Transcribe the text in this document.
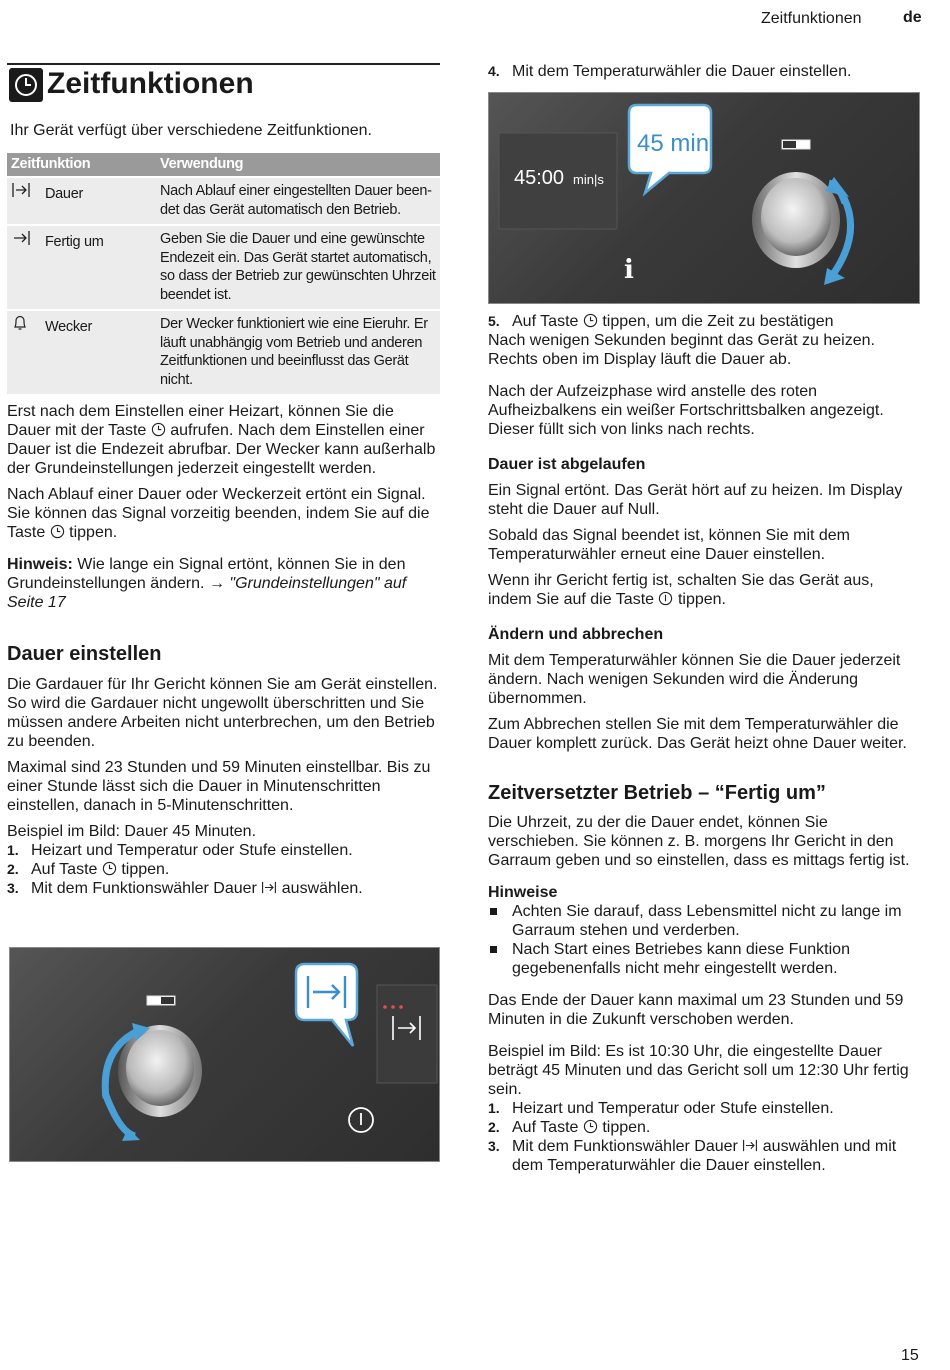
Zeitfunktionen	de
Zeitfunktionen

Ihr Gerät verfügt über verschiedene Zeitfunktionen.

Zeitfunktion	Verwendung
Dauer	Nach Ablauf einer eingestellten Dauer been-det das Gerät automatisch den Betrieb.
Fertig um	Geben Sie die Dauer und eine gewünschte Endezeit ein. Das Gerät startet automatisch, so dass der Betrieb zur gewünschten Uhrzeit beendet ist.
Wecker	Der Wecker funktioniert wie eine Eieruhr. Er läuft unabhängig vom Betrieb und anderen Zeitfunktionen und beeinflusst das Gerät nicht.

Erst nach dem Einstellen einer Heizart, können Sie die Dauer mit der Taste aufrufen. Nach dem Einstellen einer Dauer ist die Endezeit abrufbar. Der Wecker kann außerhalb der Grundeinstellungen jederzeit eingestellt werden.

Nach Ablauf einer Dauer oder Weckerzeit ertönt ein Signal. Sie können das Signal vorzeitig beenden, indem Sie auf die Taste tippen.

Hinweis: Wie lange ein Signal ertönt, können Sie in den Grundeinstellungen ändern. → "Grundeinstellungen" auf Seite 17

Dauer einstellen

Die Gardauer für Ihr Gericht können Sie am Gerät einstellen. So wird die Gardauer nicht ungewollt überschritten und Sie müssen andere Arbeiten nicht unterbrechen, um den Betrieb zu beenden.

Maximal sind 23 Stunden und 59 Minuten einstellbar. Bis zu einer Stunde lässt sich die Dauer in Minutenschritten einstellen, danach in 5-Minutenschritten.

Beispiel im Bild: Dauer 45 Minuten.

1. Heizart und Temperatur oder Stufe einstellen.
2. Auf Taste tippen.
3. Mit dem Funktionswähler Dauer auswählen.
4. Mit dem Temperaturwähler die Dauer einstellen.
45:00 min|s
45 min
i
5. Auf Taste tippen, um die Zeit zu bestätigen

Nach wenigen Sekunden beginnt das Gerät zu heizen. Rechts oben im Display läuft die Dauer ab.

Nach der Aufzeizphase wird anstelle des roten Aufheizbalkens ein weißer Fortschrittsbalken angezeigt. Dieser füllt sich von links nach rechts.

Dauer ist abgelaufen

Ein Signal ertönt. Das Gerät hört auf zu heizen. Im Display steht die Dauer auf Null.

Sobald das Signal beendet ist, können Sie mit dem Temperaturwähler erneut eine Dauer einstellen.

Wenn ihr Gericht fertig ist, schalten Sie das Gerät aus, indem Sie auf die Taste tippen.

Ändern und abbrechen

Mit dem Temperaturwähler können Sie die Dauer jederzeit ändern. Nach wenigen Sekunden wird die Änderung übernommen.

Zum Abbrechen stellen Sie mit dem Temperaturwähler die Dauer komplett zurück. Das Gerät heizt ohne Dauer weiter.

Zeitversetzter Betrieb – “Fertig um”

Die Uhrzeit, zu der die Dauer endet, können Sie verschieben. Sie können z. B. morgens Ihr Gericht in den Garraum geben und so einstellen, dass es mittags fertig ist.

Hinweise

Achten Sie darauf, dass Lebensmittel nicht zu lange im Garraum stehen und verderben.
Nach Start eines Betriebes kann diese Funktion gegebenenfalls nicht mehr eingestellt werden.

Das Ende der Dauer kann maximal um 23 Stunden und 59 Minuten in die Zukunft verschoben werden.

Beispiel im Bild: Es ist 10:30 Uhr, die eingestellte Dauer beträgt 45 Minuten und das Gericht soll um 12:30 Uhr fertig sein.

1. Heizart und Temperatur oder Stufe einstellen.
2. Auf Taste tippen.
3. Mit dem Funktionswähler Dauer auswählen und mit dem Temperaturwähler die Dauer einstellen.
15
